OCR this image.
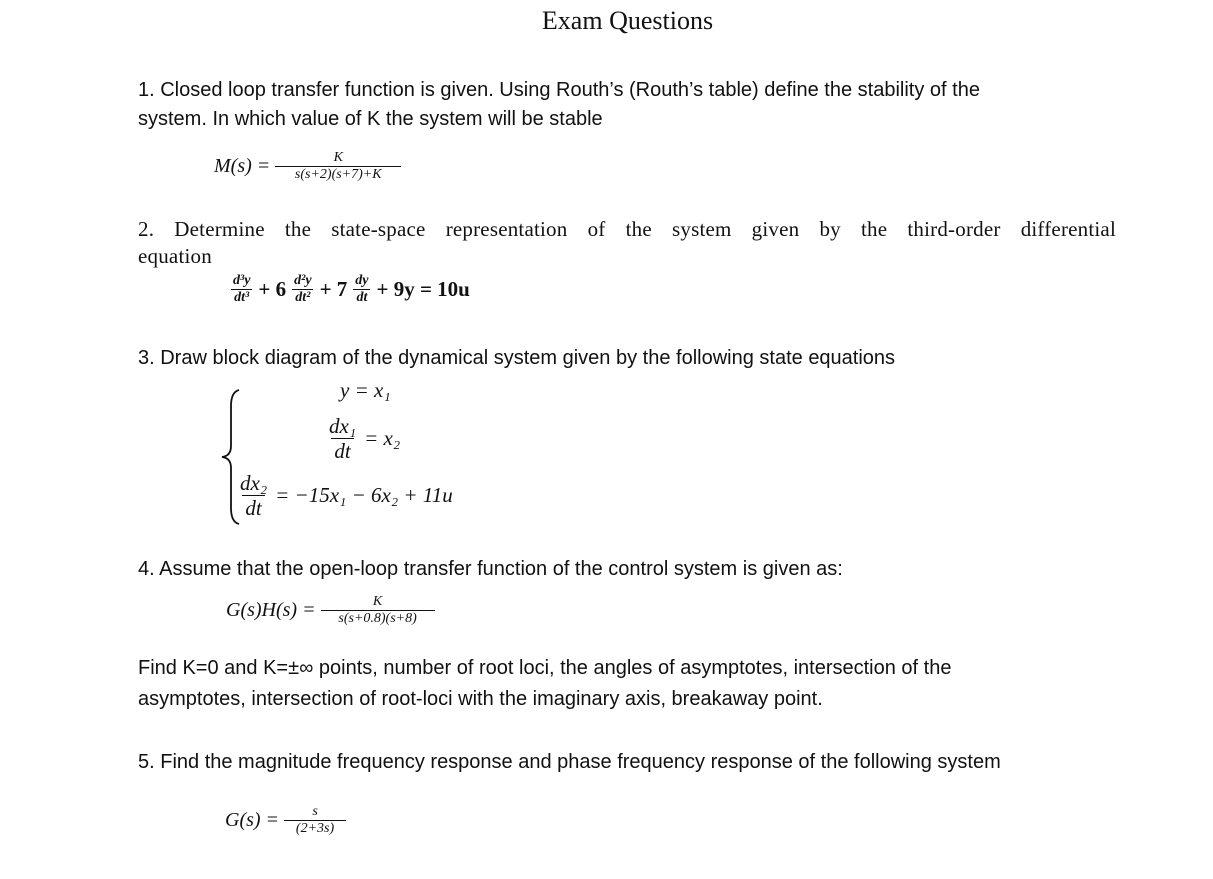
Exam Questions
1. Closed loop transfer function is given. Using Routh’s (Routh’s table) define the stability of the
system. In which value of K the system will be stable
$M(s) = \frac{K}{s(s+2)(s+7)+K}$
2. Determine the state-space representation of the system given by the third-order differential
equation
$\frac{\text{d³y}}{\text{dt³}} + 6 \frac{\text{d²y}}{\text{dt²}} + 7 \frac{dy}{dt} + 9y = 10u$
3. Draw block diagram of the dynamical system given by the following state equations
y = x₁
$\frac{\text{dx₁}}{dt} = x_2$
$\frac{\text{dx₂}}{dt} = -15x_1 - 6x_2 + 11u$
4. Assume that the open-loop transfer function of the control system is given as:
$G(s)H(s) = \frac{K}{s(s+0.8)(s+8)}$
Find K=0 and K=±∞ points, number of root loci, the angles of asymptotes, intersection of the
asymptotes, intersection of root-loci with the imaginary axis, breakaway point.
5. Find the magnitude frequency response and phase frequency response of the following system
$G(s) = \frac{s}{(2+3s)}$
